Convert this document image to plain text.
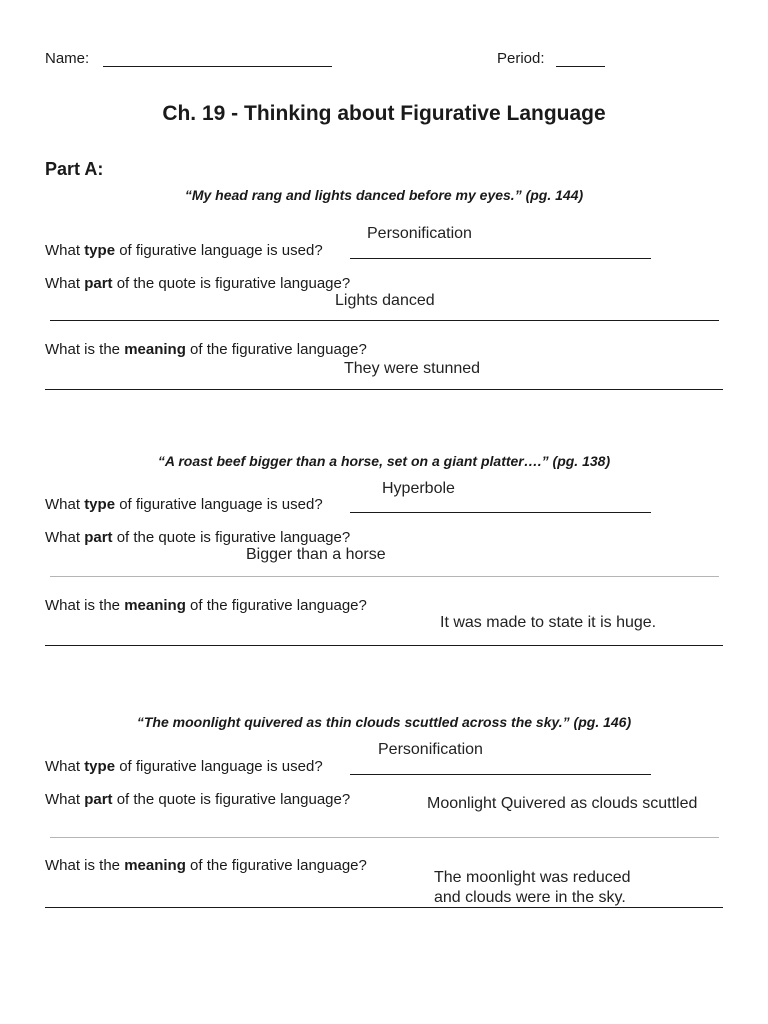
Name:	Period:
Ch. 19 - Thinking about Figurative Language
Part A:
“My head rang and lights danced before my eyes.” (pg. 144)
Personification
What type of figurative language is used?
What part of the quote is figurative language?
Lights danced
What is the meaning of the figurative language?
They were stunned
“A roast beef bigger than a horse, set on a giant platter….” (pg. 138)
Hyperbole
What type of figurative language is used?
What part of the quote is figurative language?
Bigger than a horse
What is the meaning of the figurative language?
It was made to state it is huge.
“The moonlight quivered as thin clouds scuttled across the sky.” (pg. 146)
Personification
What type of figurative language is used?
What part of the quote is figurative language?	Moonlight Quivered as clouds scuttled
What is the meaning of the figurative language?
The moonlight was reduced
and clouds were in the sky.
